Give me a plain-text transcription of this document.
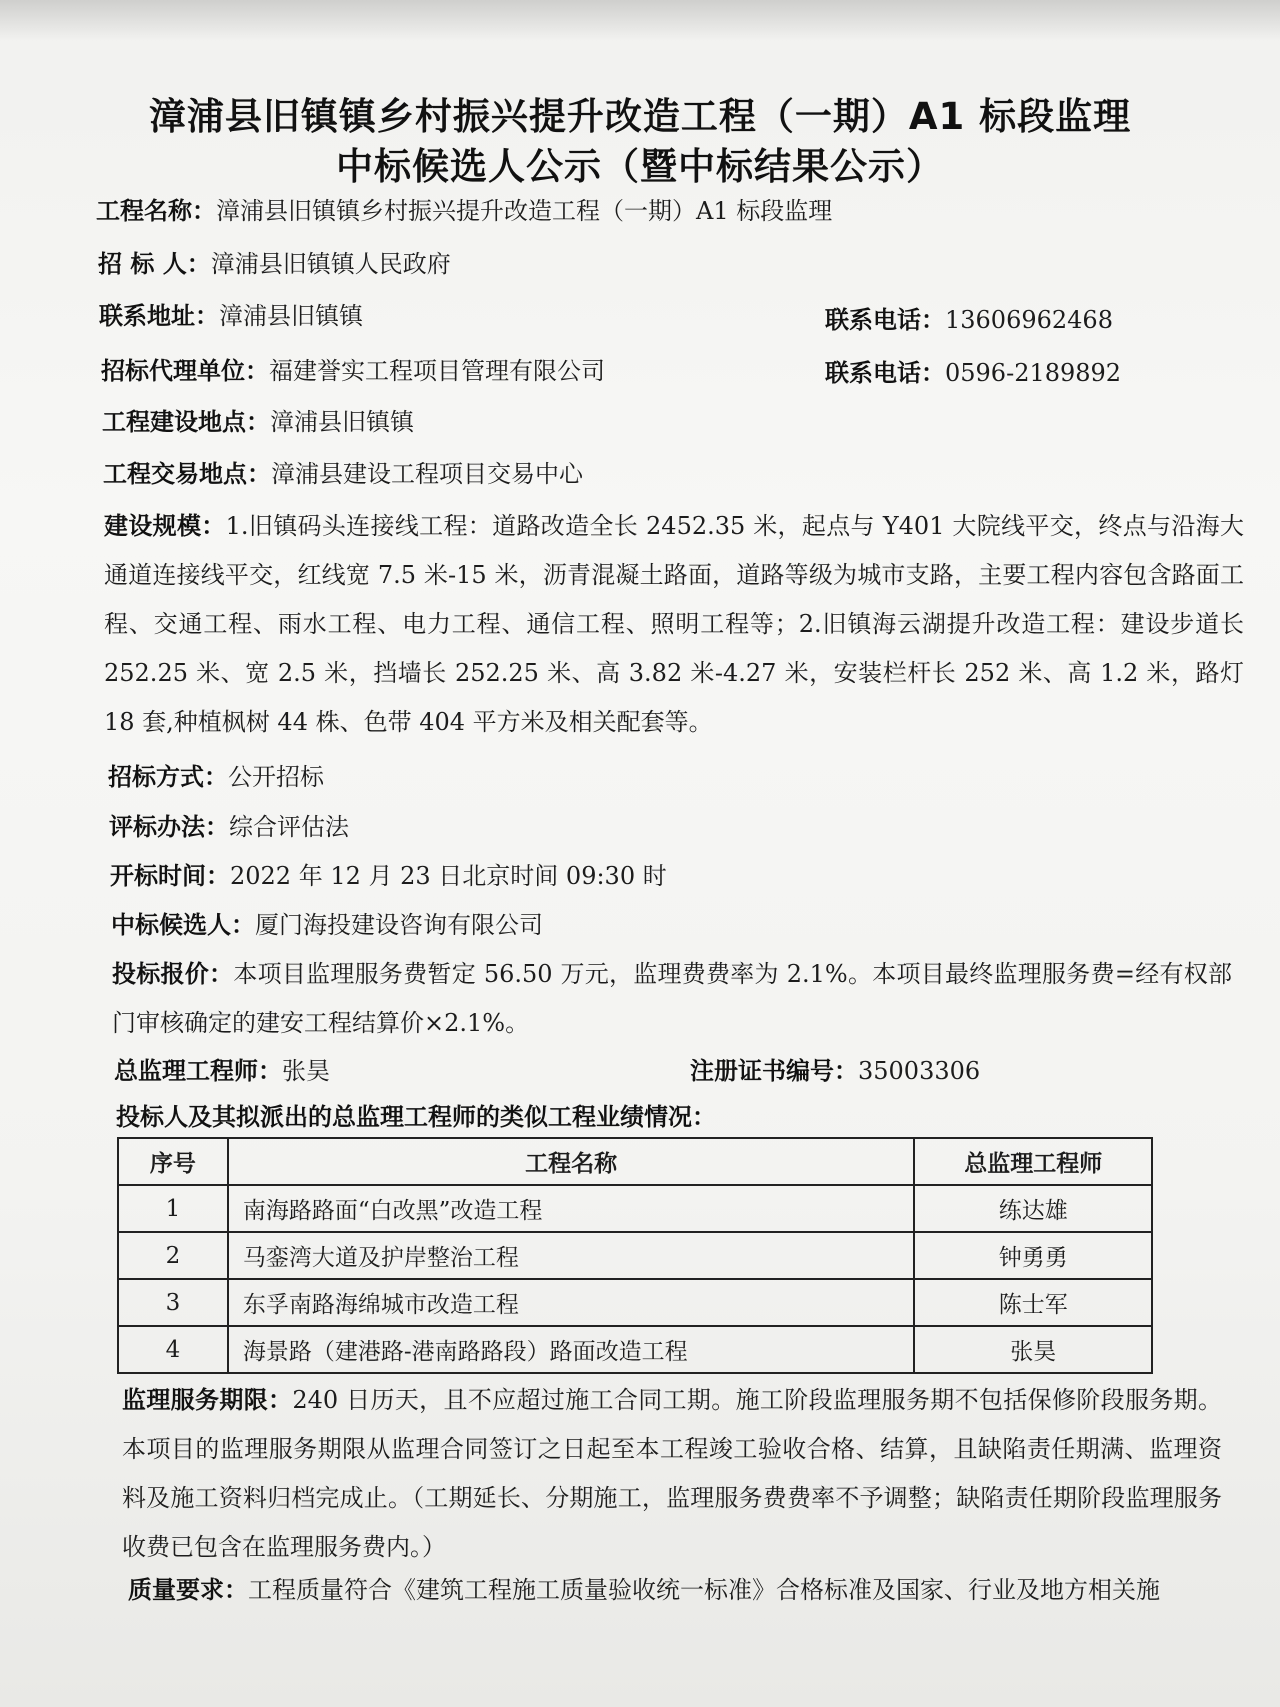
漳浦县旧镇镇乡村振兴提升改造工程（一期）A1 标段监理
中标候选人公示（暨中标结果公示）
工程名称：漳浦县旧镇镇乡村振兴提升改造工程（一期）A1 标段监理
招 标 人：漳浦县旧镇镇人民政府
联系地址：漳浦县旧镇镇	联系电话：13606962468
招标代理单位：福建誉实工程项目管理有限公司	联系电话：0596-2189892
工程建设地点：漳浦县旧镇镇
工程交易地点：漳浦县建设工程项目交易中心
建设规模：1.旧镇码头连接线工程：道路改造全长 2452.35 米，起点与 Y401 大院线平交，终点与沿海大通道连接线平交，红线宽 7.5 米-15 米，沥青混凝土路面，道路等级为城市支路，主要工程内容包含路面工程、交通工程、雨水工程、电力工程、通信工程、照明工程等；2.旧镇海云湖提升改造工程：建设步道长 252.25 米、宽 2.5 米，挡墙长 252.25 米、高 3.82 米-4.27 米，安装栏杆长 252 米、高 1.2 米，路灯 18 套,种植枫树 44 株、色带 404 平方米及相关配套等。
招标方式：公开招标
评标办法：综合评估法
开标时间：2022 年 12 月 23 日北京时间 09:30 时
中标候选人：厦门海投建设咨询有限公司
投标报价：本项目监理服务费暂定 56.50 万元，监理费费率为 2.1%。本项目最终监理服务费=经有权部门审核确定的建安工程结算价×2.1%。
总监理工程师：张昊	注册证书编号：35003306
投标人及其拟派出的总监理工程师的类似工程业绩情况：
序号	工程名称	总监理工程师
1	南海路路面“白改黑”改造工程	练达雄
2	马銮湾大道及护岸整治工程	钟勇勇
3	东孚南路海绵城市改造工程	陈士军
4	海景路（建港路-港南路路段）路面改造工程	张昊
监理服务期限：240 日历天，且不应超过施工合同工期。施工阶段监理服务期不包括保修阶段服务期。本项目的监理服务期限从监理合同签订之日起至本工程竣工验收合格、结算，且缺陷责任期满、监理资料及施工资料归档完成止。（工期延长、分期施工，监理服务费费率不予调整；缺陷责任期阶段监理服务收费已包含在监理服务费内。）
质量要求：工程质量符合《建筑工程施工质量验收统一标准》合格标准及国家、行业及地方相关施
